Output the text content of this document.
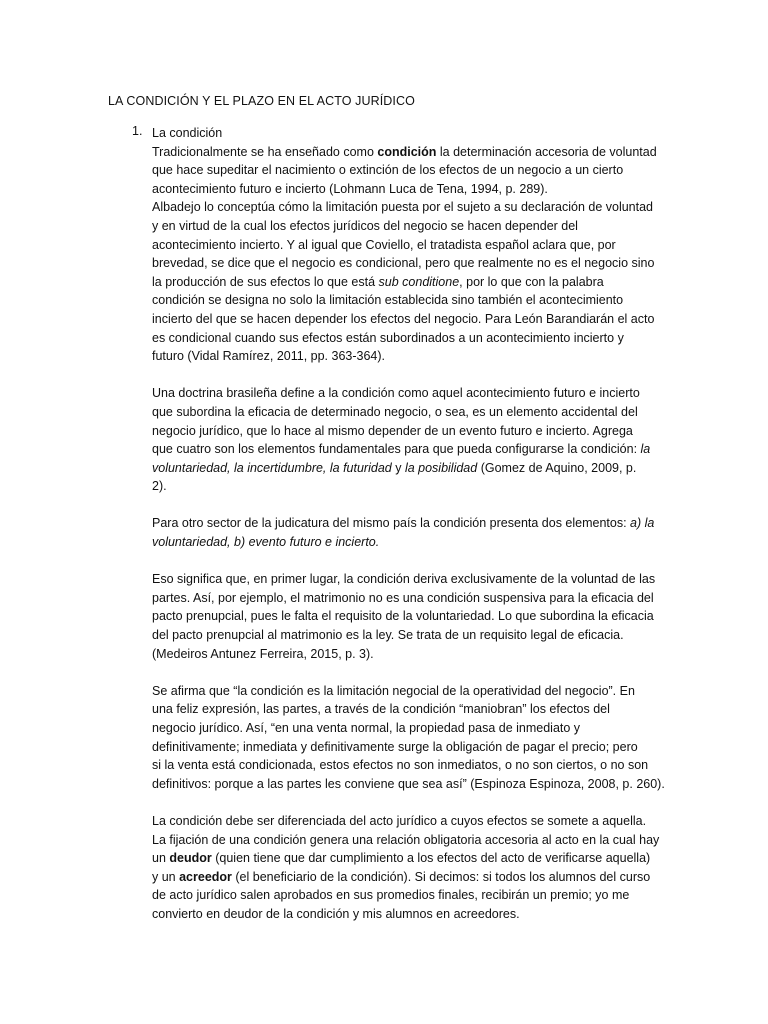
LA CONDICIÓN Y EL PLAZO EN EL ACTO JURÍDICO
1. La condición
Tradicionalmente se ha enseñado como condición la determinación accesoria de voluntad
que hace supeditar el nacimiento o extinción de los efectos de un negocio a un cierto
acontecimiento futuro e incierto (Lohmann Luca de Tena, 1994, p. 289).
Albadejo lo conceptúa cómo la limitación puesta por el sujeto a su declaración de voluntad
y en virtud de la cual los efectos jurídicos del negocio se hacen depender del
acontecimiento incierto. Y al igual que Coviello, el tratadista español aclara que, por
brevedad, se dice que el negocio es condicional, pero que realmente no es el negocio sino
la producción de sus efectos lo que está sub conditione, por lo que con la palabra
condición se designa no solo la limitación establecida sino también el acontecimiento
incierto del que se hacen depender los efectos del negocio. Para León Barandiarán el acto
es condicional cuando sus efectos están subordinados a un acontecimiento incierto y
futuro (Vidal Ramírez, 2011, pp. 363-364).
Una doctrina brasileña define a la condición como aquel acontecimiento futuro e incierto
que subordina la eficacia de determinado negocio, o sea, es un elemento accidental del
negocio jurídico, que lo hace al mismo depender de un evento futuro e incierto. Agrega
que cuatro son los elementos fundamentales para que pueda configurarse la condición: la
voluntariedad, la incertidumbre, la futuridad y la posibilidad (Gomez de Aquino, 2009, p.
2).
Para otro sector de la judicatura del mismo país la condición presenta dos elementos: a) la
voluntariedad, b) evento futuro e incierto.
Eso significa que, en primer lugar, la condición deriva exclusivamente de la voluntad de las
partes. Así, por ejemplo, el matrimonio no es una condición suspensiva para la eficacia del
pacto prenupcial, pues le falta el requisito de la voluntariedad. Lo que subordina la eficacia
del pacto prenupcial al matrimonio es la ley. Se trata de un requisito legal de eficacia.
(Medeiros Antunez Ferreira, 2015, p. 3).
Se afirma que “la condición es la limitación negocial de la operatividad del negocio”. En
una feliz expresión, las partes, a través de la condición “maniobran” los efectos del
negocio jurídico. Así, “en una venta normal, la propiedad pasa de inmediato y
definitivamente; inmediata y definitivamente surge la obligación de pagar el precio; pero
si la venta está condicionada, estos efectos no son inmediatos, o no son ciertos, o no son
definitivos: porque a las partes les conviene que sea así” (Espinoza Espinoza, 2008, p. 260).
La condición debe ser diferenciada del acto jurídico a cuyos efectos se somete a aquella.
La fijación de una condición genera una relación obligatoria accesoria al acto en la cual hay
un deudor (quien tiene que dar cumplimiento a los efectos del acto de verificarse aquella)
y un acreedor (el beneficiario de la condición). Si decimos: si todos los alumnos del curso
de acto jurídico salen aprobados en sus promedios finales, recibirán un premio; yo me
convierto en deudor de la condición y mis alumnos en acreedores.
